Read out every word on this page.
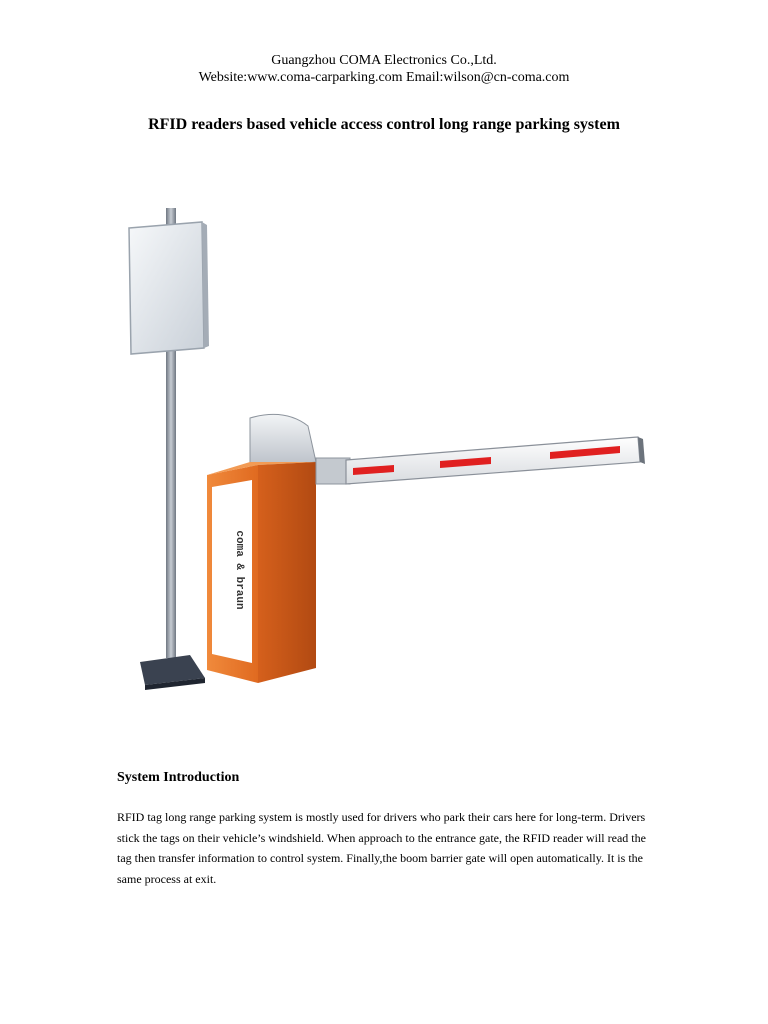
Guangzhou COMA Electronics Co.,Ltd.
Website:www.coma-carparking.com Email:wilson@cn-coma.com
RFID readers based vehicle access control long range parking system
coma & braun
System Introduction

RFID tag long range parking system is mostly used for drivers who park their cars here for long-term. Drivers stick the tags on their vehicle’s windshield. When approach to the entrance gate, the RFID reader will read the tag then transfer information to control system. Finally,the boom barrier gate will open automatically. It is the same process at exit.
